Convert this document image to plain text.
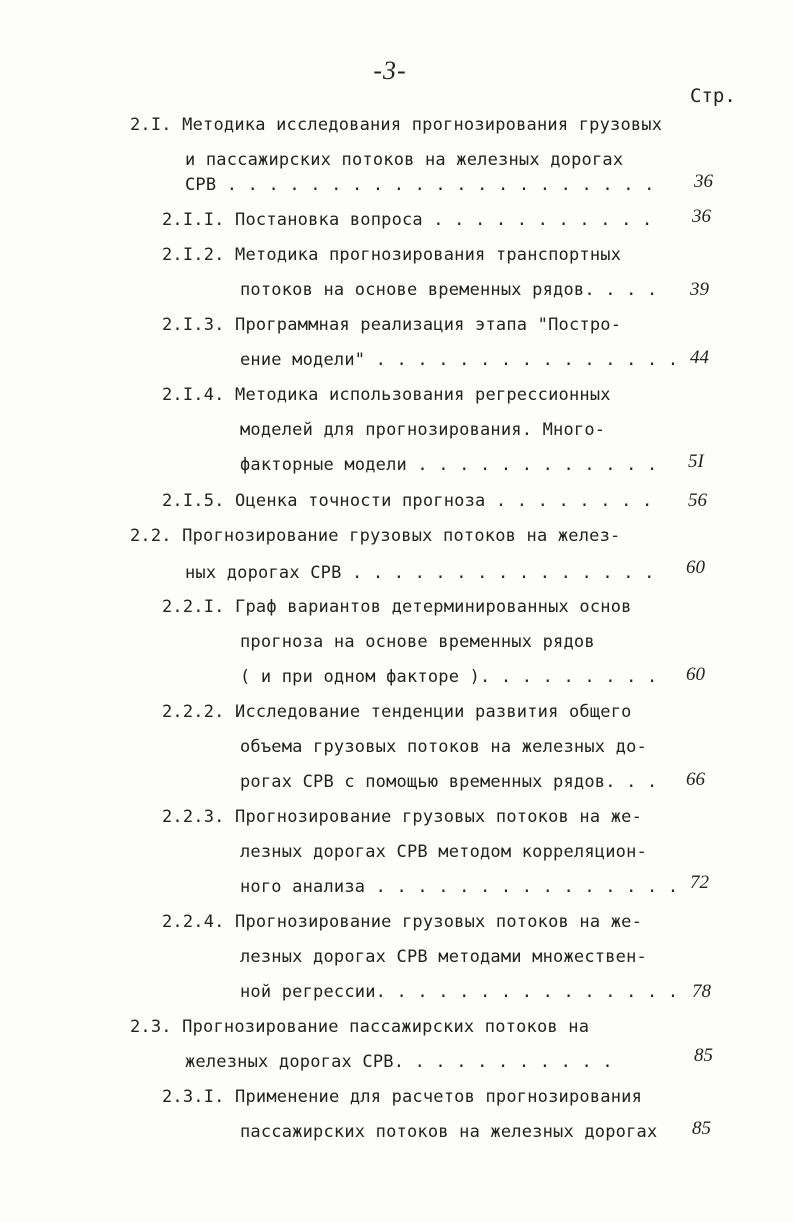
-3-
Стр.
2.I. Методика исследования прогнозирования грузовых
и пассажирских потоков на железных дорогах
СРВ . . . . . . . . . . . . . . . . . . . . . 36
2.I.I. Постановка вопроса . . . . . . . . . . . 36
2.I.2. Методика прогнозирования транспортных
потоков на основе временных рядов. . . . 39
2.I.3. Программная реализация этапа "Постро-
ение модели" . . . . . . . . . . . . . . . 44
2.I.4. Методика использования регрессионных
моделей для прогнозирования. Много-
факторные модели . . . . . . . . . . . . 5I
2.I.5. Оценка точности прогноза . . . . . . . . 56
2.2. Прогнозирование грузовых потоков на желез-
ных дорогах СРВ . . . . . . . . . . . . . . . 60
2.2.I. Граф вариантов детерминированных основ
прогноза на основе временных рядов
( и при одном факторе ). . . . . . . . . 60
2.2.2. Исследование тенденции развития общего
объема грузовых потоков на железных до-
рогах СРВ с помощью временных рядов. . . 66
2.2.3. Прогнозирование грузовых потоков на же-
лезных дорогах СРВ методом корреляцион-
ного анализа . . . . . . . . . . . . . . . 72
2.2.4. Прогнозирование грузовых потоков на же-
лезных дорогах СРВ методами множествен-
ной регрессии. . . . . . . . . . . . . . . 78
2.3. Прогнозирование пассажирских потоков на
железных дорогах СРВ. . . . . . . . . . .	85
2.3.I. Применение для расчетов прогнозирования
пассажирских потоков на железных дорогах 85
